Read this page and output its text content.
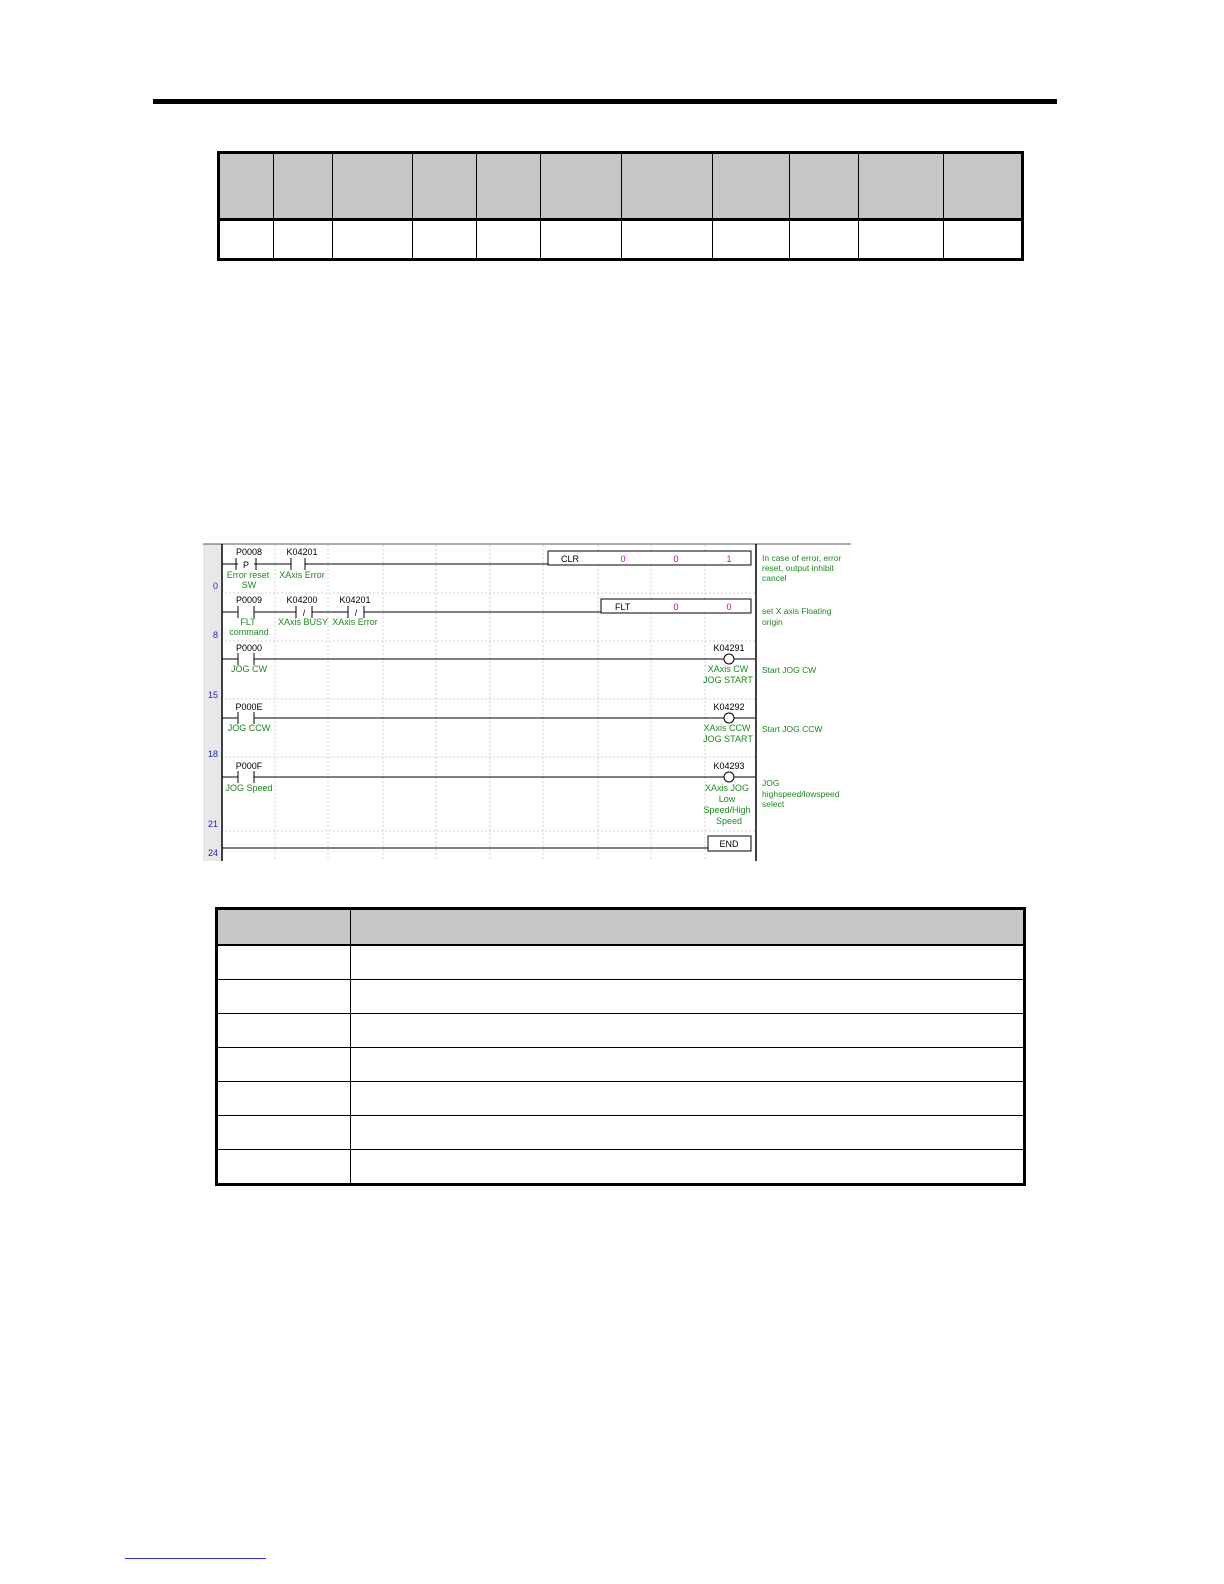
0
P
P0008
Error reset
SW
K04201
XAxis Error
CLR	0	0	1	In case of error, error
reset, output inhibit
cancel
8
P0009
FLT
command
/
K04200
XAxis BUSY
/
K04201
XAxis Error
FLT	0	0	set X axis Floating
origin
15
P0000
JOG CW
K04291
XAxis CW
JOG START
Start JOG CW
18
P000E
JOG CCW
K04292
XAxis CCW
JOG START
Start JOG CCW
21
P000F
JOG Speed
K04293
XAxis JOG
Low
Speed/High
Speed
JOG
highspeed/lowspeed
select
24
END
